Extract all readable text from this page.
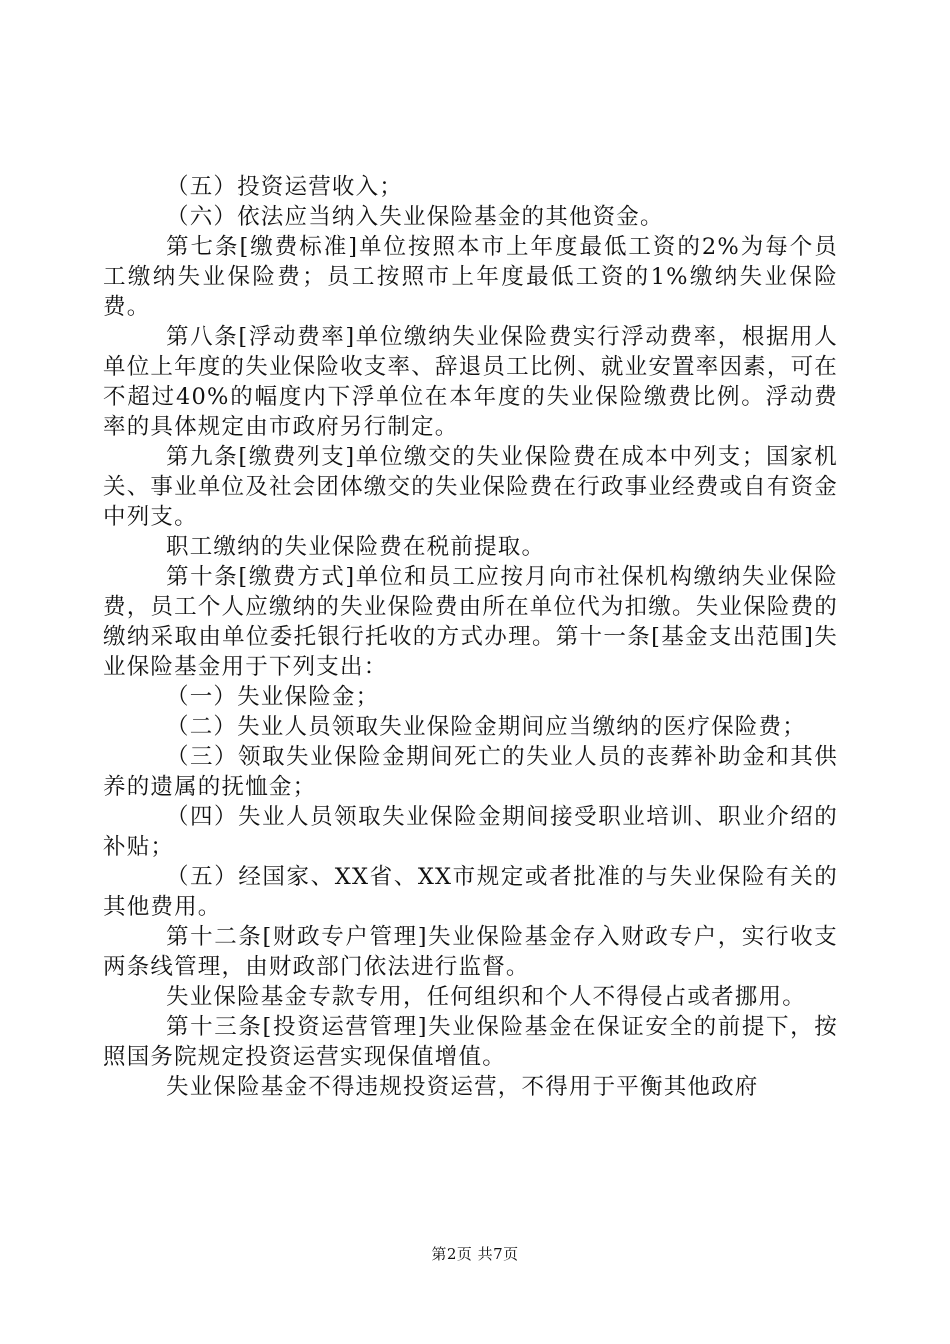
（五）投资运营收入；

（六）依法应当纳入失业保险基金的其他资金。

第七条[缴费标准]单位按照本市上年度最低工资的2%为每个员工缴纳失业保险费；员工按照市上年度最低工资的1%缴纳失业保险费。

第八条[浮动费率]单位缴纳失业保险费实行浮动费率，根据用人单位上年度的失业保险收支率、辞退员工比例、就业安置率因素，可在不超过40%的幅度内下浮单位在本年度的失业保险缴费比例。浮动费率的具体规定由市政府另行制定。

第九条[缴费列支]单位缴交的失业保险费在成本中列支；国家机关、事业单位及社会团体缴交的失业保险费在行政事业经费或自有资金中列支。

职工缴纳的失业保险费在税前提取。

第十条[缴费方式]单位和员工应按月向市社保机构缴纳失业保险费，员工个人应缴纳的失业保险费由所在单位代为扣缴。失业保险费的缴纳采取由单位委托银行托收的方式办理。第十一条[基金支出范围]失业保险基金用于下列支出：

（一）失业保险金；

（二）失业人员领取失业保险金期间应当缴纳的医疗保险费；

（三）领取失业保险金期间死亡的失业人员的丧葬补助金和其供养的遗属的抚恤金；

（四）失业人员领取失业保险金期间接受职业培训、职业介绍的补贴；

（五）经国家、XX省、XX市规定或者批准的与失业保险有关的其他费用。

第十二条[财政专户管理]失业保险基金存入财政专户，实行收支两条线管理，由财政部门依法进行监督。

失业保险基金专款专用，任何组织和个人不得侵占或者挪用。

第十三条[投资运营管理]失业保险基金在保证安全的前提下，按照国务院规定投资运营实现保值增值。

失业保险基金不得违规投资运营，不得用于平衡其他政府

第2页 共7页
